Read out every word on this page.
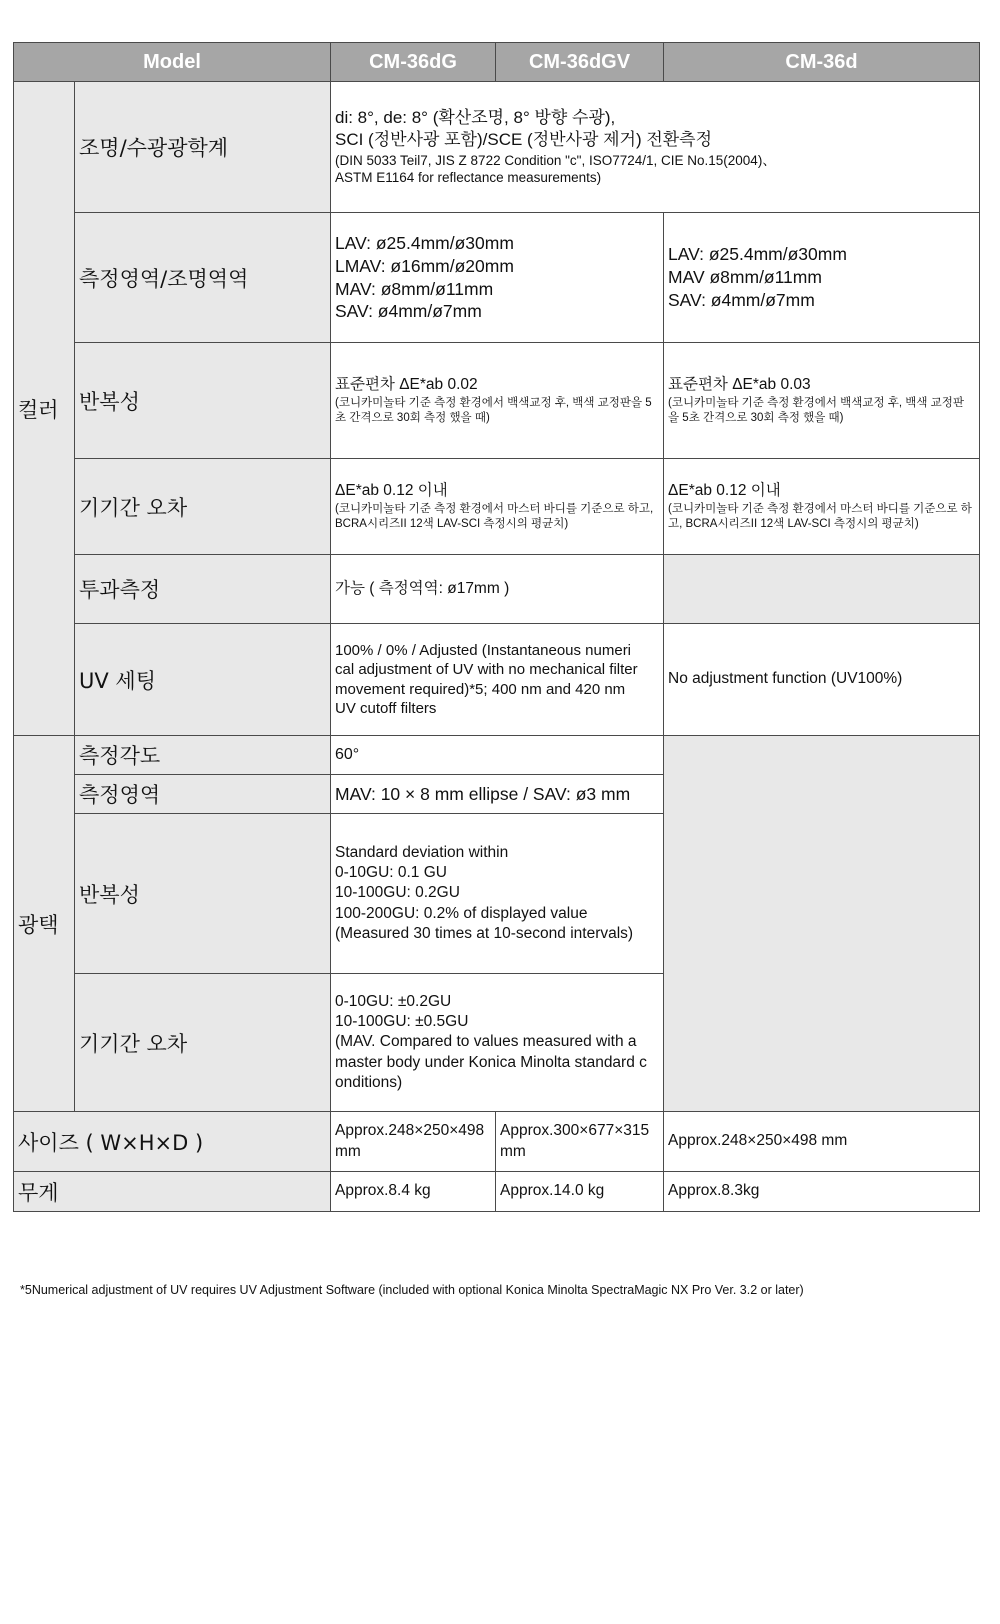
Model		CM-36dG	CM-36dGV	CM-36d
컬러	조명/수광광학계	di: 8°, de: 8° (확산조명, 8° 방향 수광),
SCI (정반사광 포함)/SCE (정반사광 제거) 전환측정
(DIN 5033 Teil7, JIS Z 8722 Condition "c", ISO7724/1, CIE No.15(2004)、
ASTM E1164 for reflectance measurements)		

	측정영역/조명역역	LAV: ø25.4mm/ø30mm
LMAV: ø16mm/ø20mm
MAV: ø8mm/ø11mm
SAV: ø4mm/ø7mm		LAV: ø25.4mm/ø30mm
MAV ø8mm/ø11mm
SAV: ø4mm/ø7mm

	반복성	표준편차 ΔE*ab 0.02
(코니카미놀타 기준 측정 환경에서 백색교정 후, 백색 교정판을 5초 간격으로 30회 측정 했을 때)		표준편차 ΔE*ab 0.03
(코니카미놀타 기준 측정 환경에서 백색교정 후, 백색 교정판을 5초 간격으로 30회 측정 했을 때)

	기기간 오차	ΔE*ab 0.12 이내
(코니카미놀타 기준 측정 환경에서 마스터 바디를 기준으로 하고, BCRA시리즈II 12색 LAV-SCI 측정시의 평균치)		ΔE*ab 0.12 이내
(코니카미놀타 기준 측정 환경에서 마스터 바디를 기준으로 하고, BCRA시리즈II 12색 LAV-SCI 측정시의 평균치)

	투과측정	가능 ( 측정역역: ø17mm )		
	UV 세팅	100% / 0% / Adjusted (Instantaneous numeri
cal adjustment of UV with no mechanical filter
movement required)*5; 400 nm and 420 nm
UV cutoff filters		No adjustment function (UV100%)
광택	측정각도	60°		
	측정영역	MAV: 10 × 8 mm ellipse / SAV: ø3 mm		
	반복성	Standard deviation within
0-10GU: 0.1 GU
10-100GU: 0.2GU
100-200GU: 0.2% of displayed value
(Measured 30 times at 10-second intervals)		

	기기간 오차	0-10GU: ±0.2GU
10-100GU: ±0.5GU
(MAV. Compared to values measured with a
master body under Konica Minolta standard c
onditions)		

사이즈 ( W×H×D )		Approx.248×250×498
mm	Approx.300×677×315
mm	Approx.248×250×498 mm
무게		Approx.8.4 kg	Approx.14.0 kg	Approx.8.3kg
*5Numerical adjustment of UV requires UV Adjustment Software (included with optional Konica Minolta SpectraMagic NX Pro Ver. 3.2 or later)
